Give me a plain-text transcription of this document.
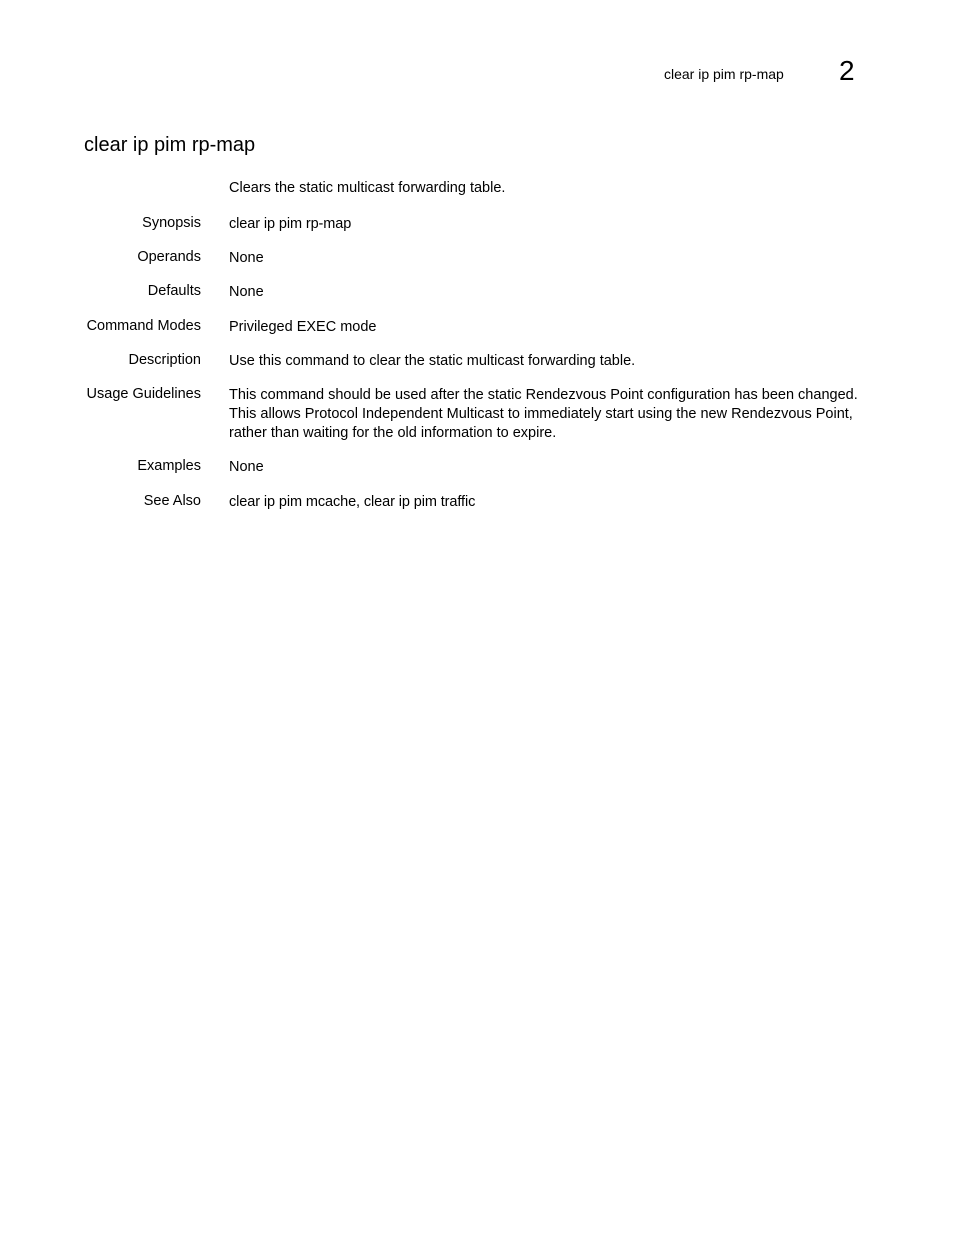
clear ip pim rp-map 2
clear ip pim rp-map
Clears the static multicast forwarding table.
Synopsis clear ip pim rp-map
Operands None
Defaults None
Command Modes Privileged EXEC mode
Description Use this command to clear the static multicast forwarding table.
Usage Guidelines This command should be used after the static Rendezvous Point configuration has been changed.
This allows Protocol Independent Multicast to immediately start using the new Rendezvous Point,
rather than waiting for the old information to expire.
Examples None
See Also clear ip pim mcache, clear ip pim traffic
